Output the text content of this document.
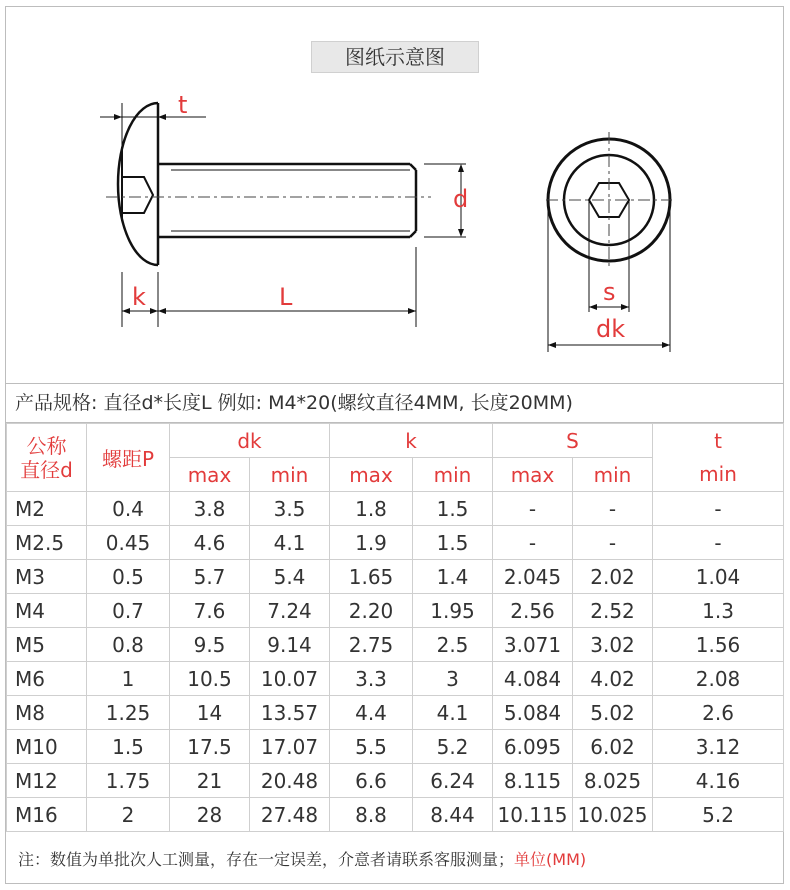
t
d
k	L	s
dk
图纸示意图
产品规格: 直径d*长度L 例如: M4*20(螺纹直径4MM, 长度20MM)
公称
直径d	螺距P	dk		k		S		t
		max	min	max	min	max	min	min
M2	0.4	3.8	3.5	1.8	1.5	-	-	-
M2.5	0.45	4.6	4.1	1.9	1.5	-	-	-
M3	0.5	5.7	5.4	1.65	1.4	2.045	2.02	1.04
M4	0.7	7.6	7.24	2.20	1.95	2.56	2.52	1.3
M5	0.8	9.5	9.14	2.75	2.5	3.071	3.02	1.56
M6	1	10.5	10.07	3.3	3	4.084	4.02	2.08
M8	1.25	14	13.57	4.4	4.1	5.084	5.02	2.6
M10	1.5	17.5	17.07	5.5	5.2	6.095	6.02	3.12
M12	1.75	21	20.48	6.6	6.24	8.115	8.025	4.16
M16	2	28	27.48	8.8	8.44	10.115	10.025	5.2
注：数值为单批次人工测量，存在一定误差，介意者请联系客服测量；单位(MM)
